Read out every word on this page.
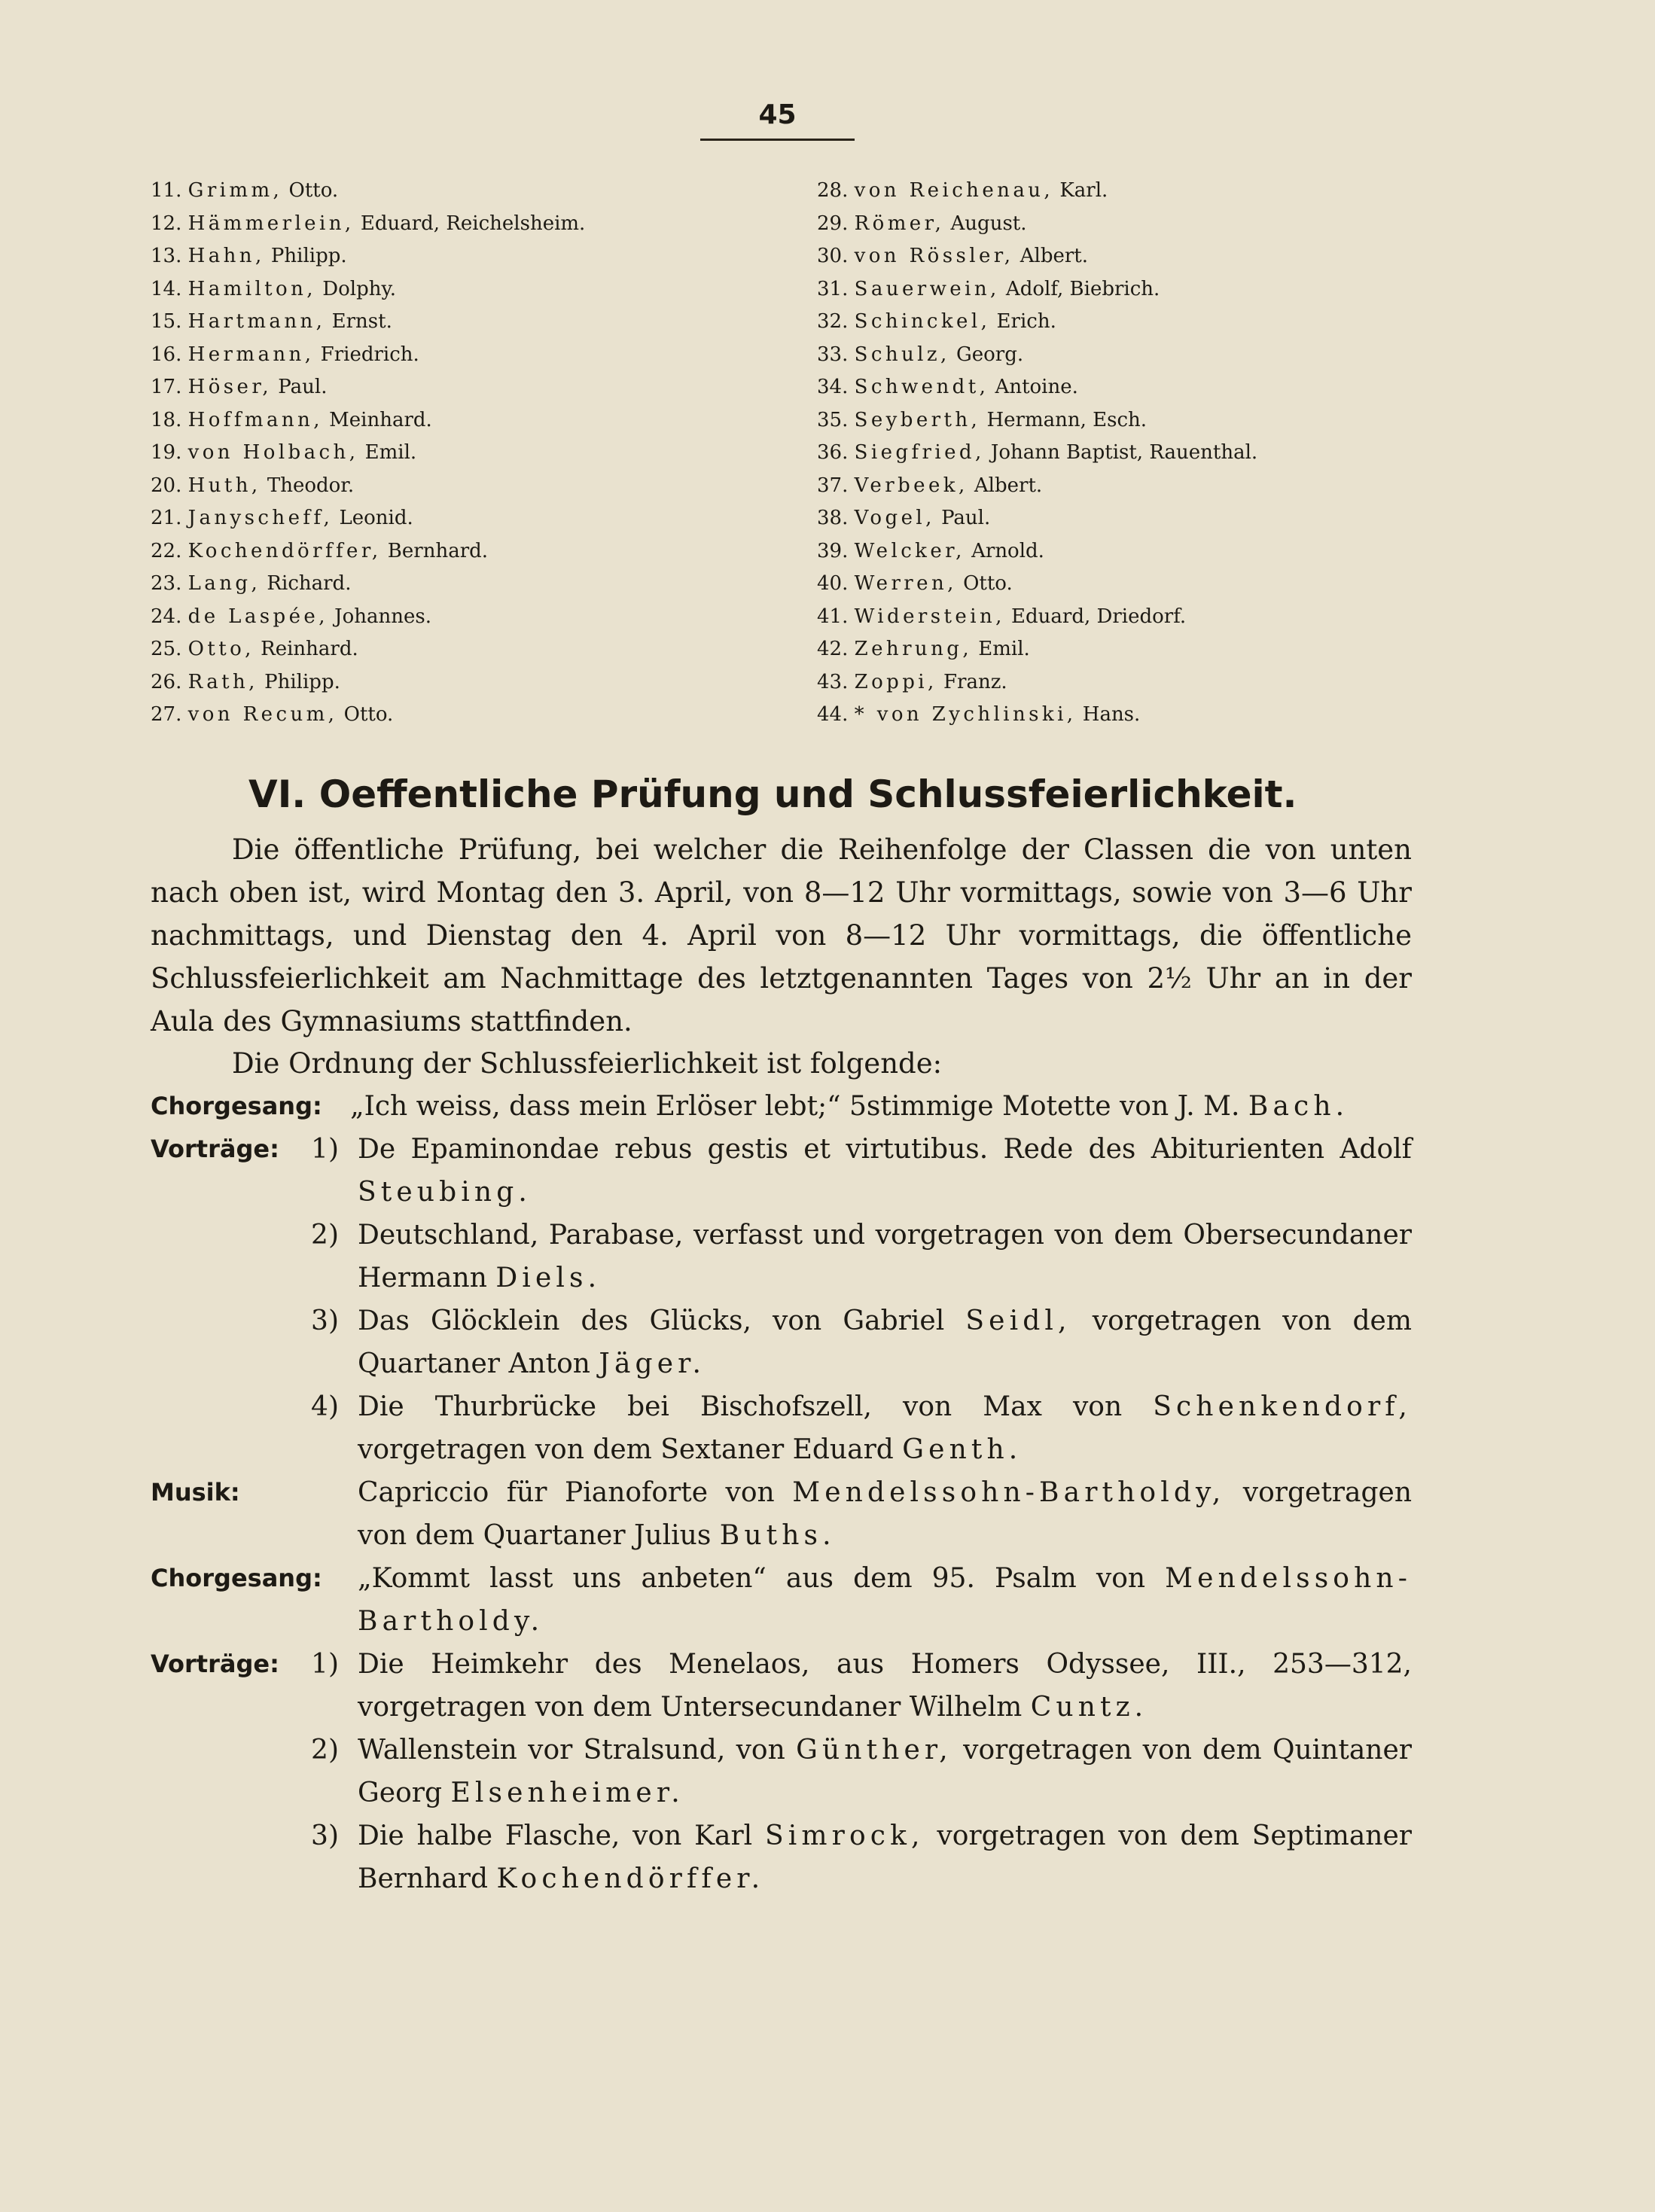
45
11. Grimm, Otto.
12. Hämmerlein, Eduard, Reichelsheim.
13. Hahn, Philipp.
14. Hamilton, Dolphy.
15. Hartmann, Ernst.
16. Hermann, Friedrich.
17. Höser, Paul.
18. Hoffmann, Meinhard.
19. von Holbach, Emil.
20. Huth, Theodor.
21. Janyscheff, Leonid.
22. Kochendörffer, Bernhard.
23. Lang, Richard.
24. de Laspée, Johannes.
25. Otto, Reinhard.
26. Rath, Philipp.
27. von Recum, Otto.
28. von Reichenau, Karl.
29. Römer, August.
30. von Rössler, Albert.
31. Sauerwein, Adolf, Biebrich.
32. Schinckel, Erich.
33. Schulz, Georg.
34. Schwendt, Antoine.
35. Seyberth, Hermann, Esch.
36. Siegfried, Johann Baptist, Rauenthal.
37. Verbeek, Albert.
38. Vogel, Paul.
39. Welcker, Arnold.
40. Werren, Otto.
41. Widerstein, Eduard, Driedorf.
42. Zehrung, Emil.
43. Zoppi, Franz.
44. * von Zychlinski, Hans.
VI. Oeffentliche Prüfung und Schlussfeierlichkeit.
Die öffentliche Prüfung, bei welcher die Reihenfolge der Classen die von unten nach oben ist, wird Montag den 3. April, von 8—12 Uhr vormittags, sowie von 3—6 Uhr nachmittags, und Dienstag den 4. April von 8—12 Uhr vormittags, die öffentliche Schlussfeierlichkeit am Nachmittage des letztgenannten Tages von 2½ Uhr an in der Aula des Gymnasiums stattfinden.
Die Ordnung der Schlussfeierlichkeit ist folgende:
Chorgesang:	„Ich weiss, dass mein Erlöser lebt;“ 5stimmige Motette von J. M. Bach.
Vorträge:	1) De Epaminondae rebus gestis et virtutibus. Rede des Abiturienten Adolf Steubing.
2) Deutschland, Parabase, verfasst und vorgetragen von dem Obersecundaner Hermann Diels.
3) Das Glöcklein des Glücks, von Gabriel Seidl, vorgetragen von dem Quartaner Anton Jäger.
4) Die Thurbrücke bei Bischofszell, von Max von Schenkendorf, vorgetragen von dem Sextaner Eduard Genth.
Musik:	Capriccio für Pianoforte von Mendelssohn-Bartholdy, vorgetragen von dem Quartaner Julius Buths.
Chorgesang:	„Kommt lasst uns anbeten“ aus dem 95. Psalm von Mendelssohn-Bartholdy.
Vorträge:	1) Die Heimkehr des Menelaos, aus Homers Odyssee, III., 253—312, vorgetragen von dem Untersecundaner Wilhelm Cuntz.
2) Wallenstein vor Stralsund, von Günther, vorgetragen von dem Quintaner Georg Elsenheimer.
3) Die halbe Flasche, von Karl Simrock, vorgetragen von dem Septimaner Bernhard Kochendörffer.
